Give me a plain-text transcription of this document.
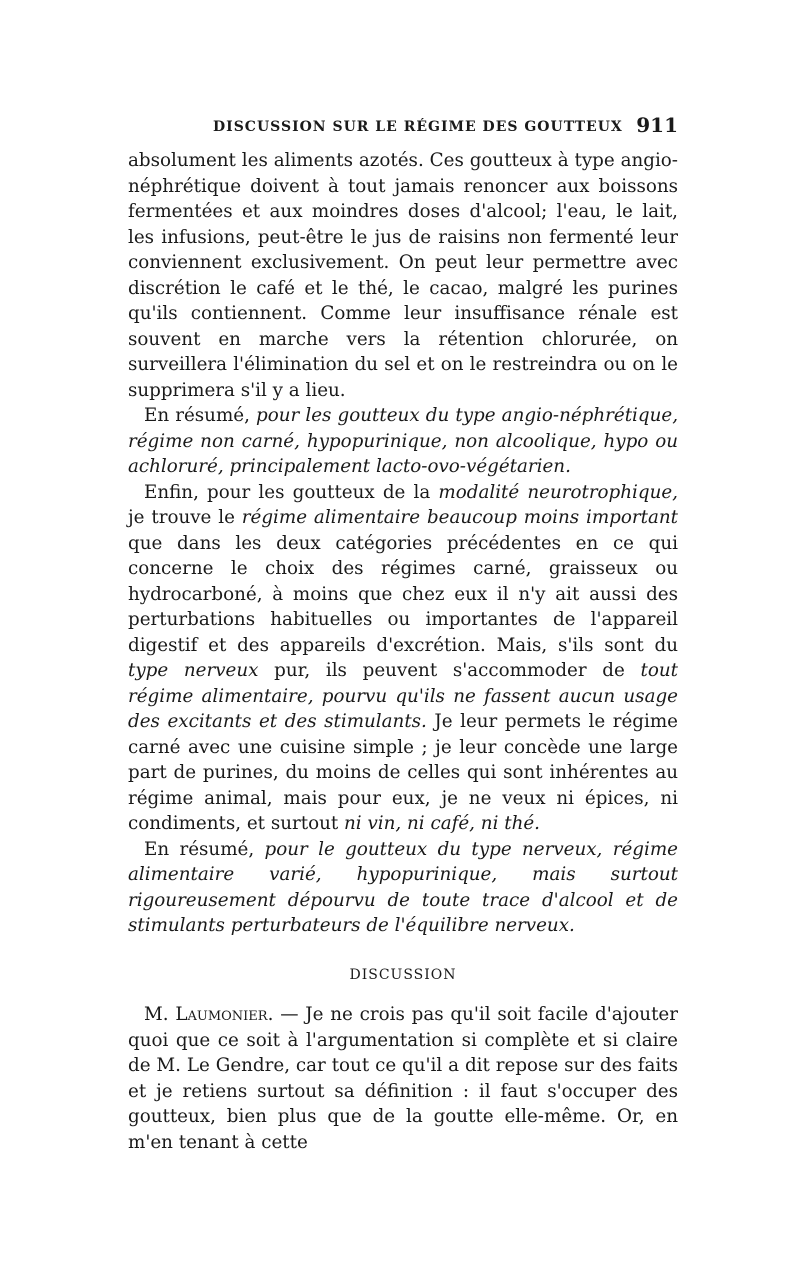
DISCUSSION SUR LE RÉGIME DES GOUTTEUX 911

absolument les aliments azotés. Ces goutteux à type angio-néphrétique doivent à tout jamais renoncer aux boissons fermentées et aux moindres doses d'alcool; l'eau, le lait, les infusions, peut-être le jus de raisins non fermenté leur conviennent exclusivement. On peut leur permettre avec discrétion le café et le thé, le cacao, malgré les purines qu'ils contiennent. Comme leur insuffisance rénale est souvent en marche vers la rétention chlorurée, on surveillera l'élimination du sel et on le restreindra ou on le supprimera s'il y a lieu.

En résumé, pour les goutteux du type angio-néphrétique, régime non carné, hypopurinique, non alcoolique, hypo ou achloruré, principalement lacto-ovo-végétarien.

Enfin, pour les goutteux de la modalité neurotrophique, je trouve le régime alimentaire beaucoup moins important que dans les deux catégories précédentes en ce qui concerne le choix des régimes carné, graisseux ou hydrocarboné, à moins que chez eux il n'y ait aussi des perturbations habituelles ou importantes de l'appareil digestif et des appareils d'excrétion. Mais, s'ils sont du type nerveux pur, ils peuvent s'accommoder de tout régime alimentaire, pourvu qu'ils ne fassent aucun usage des excitants et des stimulants. Je leur permets le régime carné avec une cuisine simple ; je leur concède une large part de purines, du moins de celles qui sont inhérentes au régime animal, mais pour eux, je ne veux ni épices, ni condiments, et surtout ni vin, ni café, ni thé.

En résumé, pour le goutteux du type nerveux, régime alimentaire varié, hypopurinique, mais surtout rigoureusement dépourvu de toute trace d'alcool et de stimulants perturbateurs de l'équilibre nerveux.

DISCUSSION

M. Laumonier. — Je ne crois pas qu'il soit facile d'ajouter quoi que ce soit à l'argumentation si complète et si claire de M. Le Gendre, car tout ce qu'il a dit repose sur des faits et je retiens surtout sa définition : il faut s'occuper des goutteux, bien plus que de la goutte elle-même. Or, en m'en tenant à cette
